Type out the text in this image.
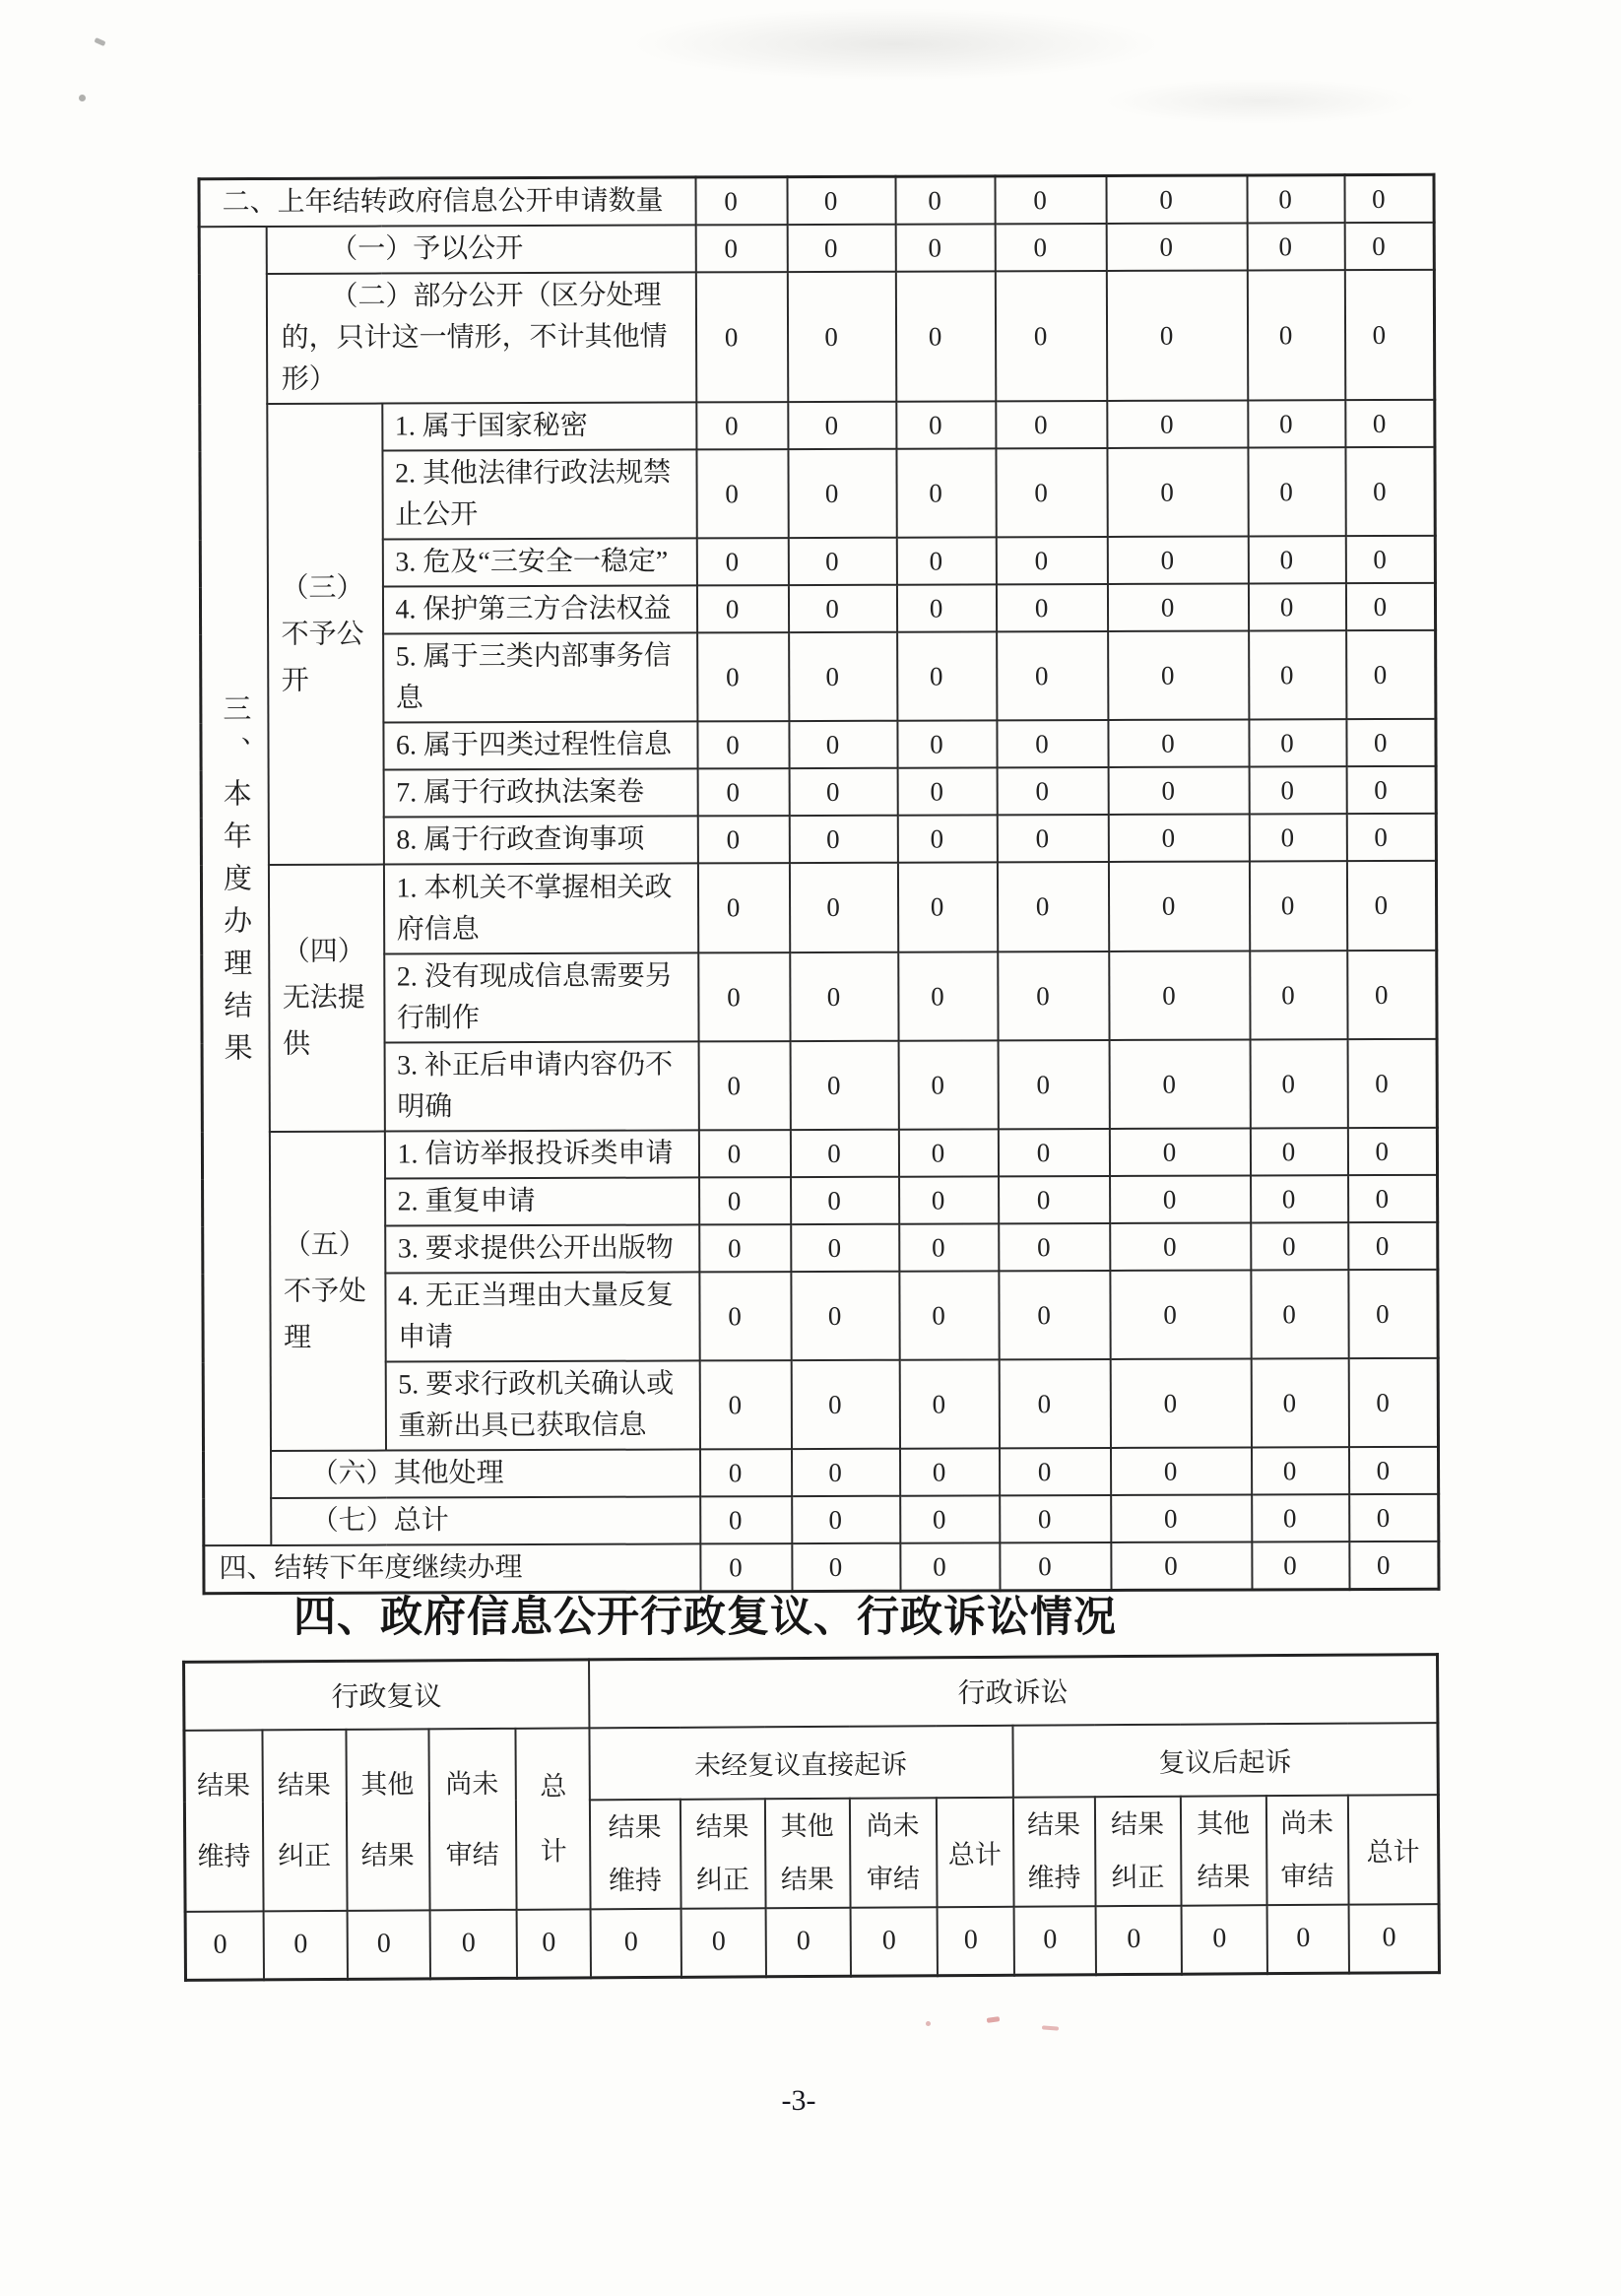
二、上年结转政府信息公开申请数量			0	0	0	0	0	0	0
三、本年度办理结果	（一）予以公开		0	0	0	0	0	0	0
	（二）部分公开（区分处理的，只计这一情形，不计其他情形）		0	0	0	0	0	0	0
	（三）不予公开	1. 属于国家秘密	0	0	0	0	0	0	0
		2. 其他法律行政法规禁止公开	0	0	0	0	0	0	0
		3. 危及“三安全一稳定”	0	0	0	0	0	0	0
		4. 保护第三方合法权益	0	0	0	0	0	0	0
		5. 属于三类内部事务信息	0	0	0	0	0	0	0
		6. 属于四类过程性信息	0	0	0	0	0	0	0
		7. 属于行政执法案卷	0	0	0	0	0	0	0
		8. 属于行政查询事项	0	0	0	0	0	0	0
	（四）无法提供	1. 本机关不掌握相关政府信息	0	0	0	0	0	0	0
		2. 没有现成信息需要另行制作	0	0	0	0	0	0	0
		3. 补正后申请内容仍不明确	0	0	0	0	0	0	0
	（五）不予处理	1. 信访举报投诉类申请	0	0	0	0	0	0	0
		2. 重复申请	0	0	0	0	0	0	0
		3. 要求提供公开出版物	0	0	0	0	0	0	0
		4. 无正当理由大量反复申请	0	0	0	0	0	0	0
		5. 要求行政机关确认或重新出具已获取信息	0	0	0	0	0	0	0
	（六）其他处理		0	0	0	0	0	0	0
	（七）总计		0	0	0	0	0	0	0
四、结转下年度继续办理			0	0	0	0	0	0	0
四、政府信息公开行政复议、行政诉讼情况
行政复议					行政诉讼									
结果维持	结果纠正	其他结果	尚未审结	总计	未经复议直接起诉					复议后起诉				
					结果维持	结果纠正	其他结果	尚未审结	总计	结果维持	结果纠正	其他结果	尚未审结	总计
0	0	0	0	0	0	0	0	0	0	0	0	0	0	0
-3-
